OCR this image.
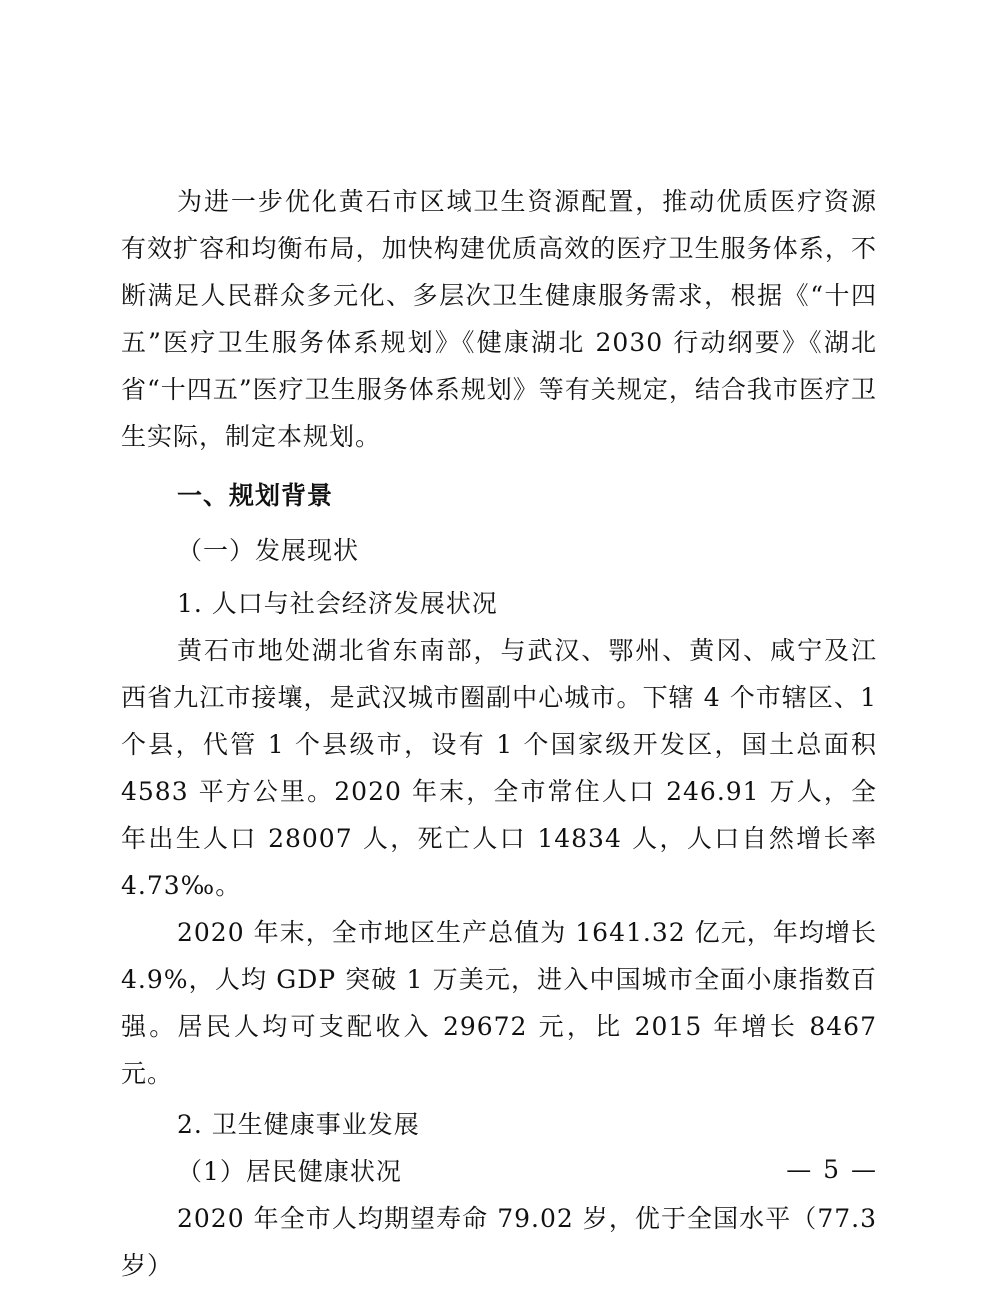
为进一步优化黄石市区域卫生资源配置，推动优质医疗资源有效扩容和均衡布局，加快构建优质高效的医疗卫生服务体系，不断满足人民群众多元化、多层次卫生健康服务需求，根据《“十四五”医疗卫生服务体系规划》《健康湖北 2030 行动纲要》《湖北省“十四五”医疗卫生服务体系规划》等有关规定，结合我市医疗卫生实际，制定本规划。

一、规划背景

（一）发展现状

1. 人口与社会经济发展状况

黄石市地处湖北省东南部，与武汉、鄂州、黄冈、咸宁及江西省九江市接壤，是武汉城市圈副中心城市。下辖 4 个市辖区、1 个县，代管 1 个县级市，设有 1 个国家级开发区，国土总面积 4583 平方公里。2020 年末，全市常住人口 246.91 万人，全年出生人口 28007 人，死亡人口 14834 人，人口自然增长率 4.73‰。

2020 年末，全市地区生产总值为 1641.32 亿元，年均增长 4.9%，人均 GDP 突破 1 万美元，进入中国城市全面小康指数百强。居民人均可支配收入 29672 元，比 2015 年增长 8467 元。

2. 卫生健康事业发展

（1）居民健康状况

2020 年全市人均期望寿命 79.02 岁，优于全国水平（77.3 岁）

— 5 —
